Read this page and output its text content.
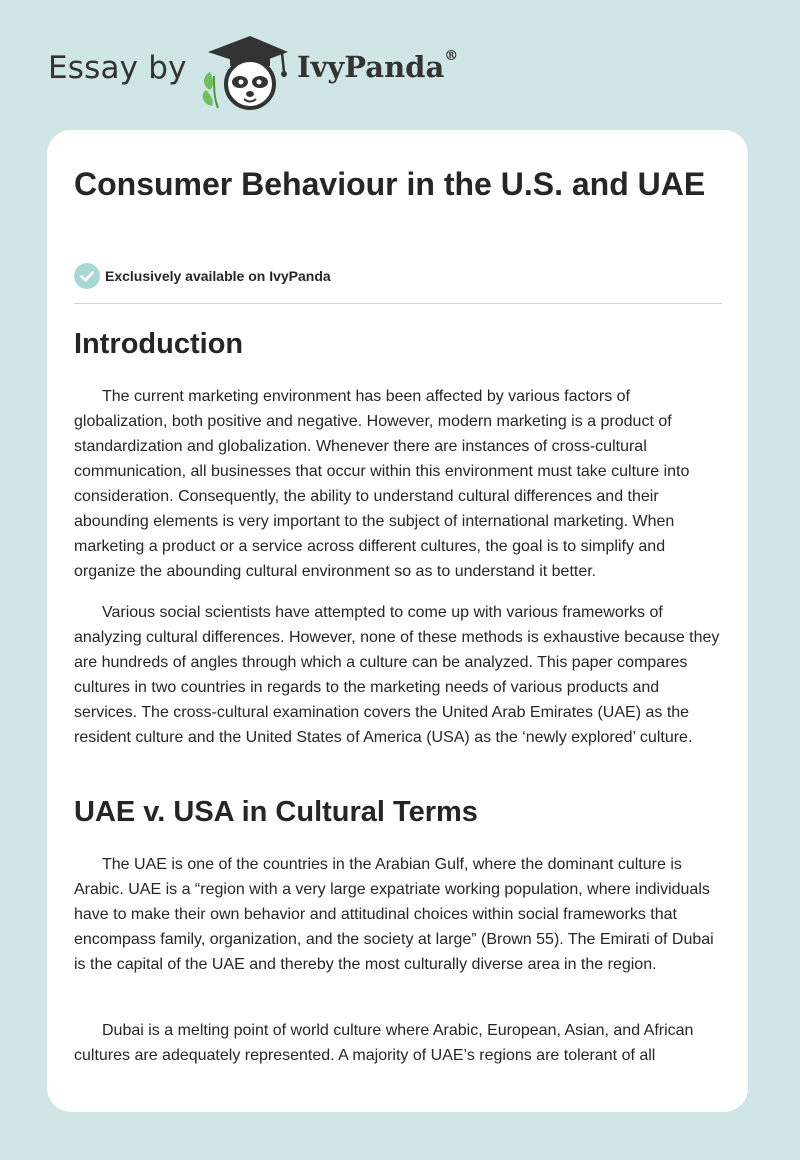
Essay by	IvyPanda®
Consumer Behaviour in the U.S. and UAE
Exclusively available on IvyPanda
Introduction

The current marketing environment has been affected by various factors of globalization, both positive and negative. However, modern marketing is a product of standardization and globalization. Whenever there are instances of cross-cultural communication, all businesses that occur within this environment must take culture into consideration. Consequently, the ability to understand cultural differences and their abounding elements is very important to the subject of international marketing. When marketing a product or a service across different cultures, the goal is to simplify and organize the abounding cultural environment so as to understand it better.

Various social scientists have attempted to come up with various frameworks of analyzing cultural differences. However, none of these methods is exhaustive because they are hundreds of angles through which a culture can be analyzed. This paper compares cultures in two countries in regards to the marketing needs of various products and services. The cross-cultural examination covers the United Arab Emirates (UAE) as the resident culture and the United States of America (USA) as the ‘newly explored’ culture.

UAE v. USA in Cultural Terms

The UAE is one of the countries in the Arabian Gulf, where the dominant culture is Arabic. UAE is a “region with a very large expatriate working population, where individuals have to make their own behavior and attitudinal choices within social frameworks that encompass family, organization, and the society at large” (Brown 55). The Emirati of Dubai is the capital of the UAE and thereby the most culturally diverse area in the region.

Dubai is a melting point of world culture where Arabic, European, Asian, and African cultures are adequately represented. A majority of UAE’s regions are tolerant of all
